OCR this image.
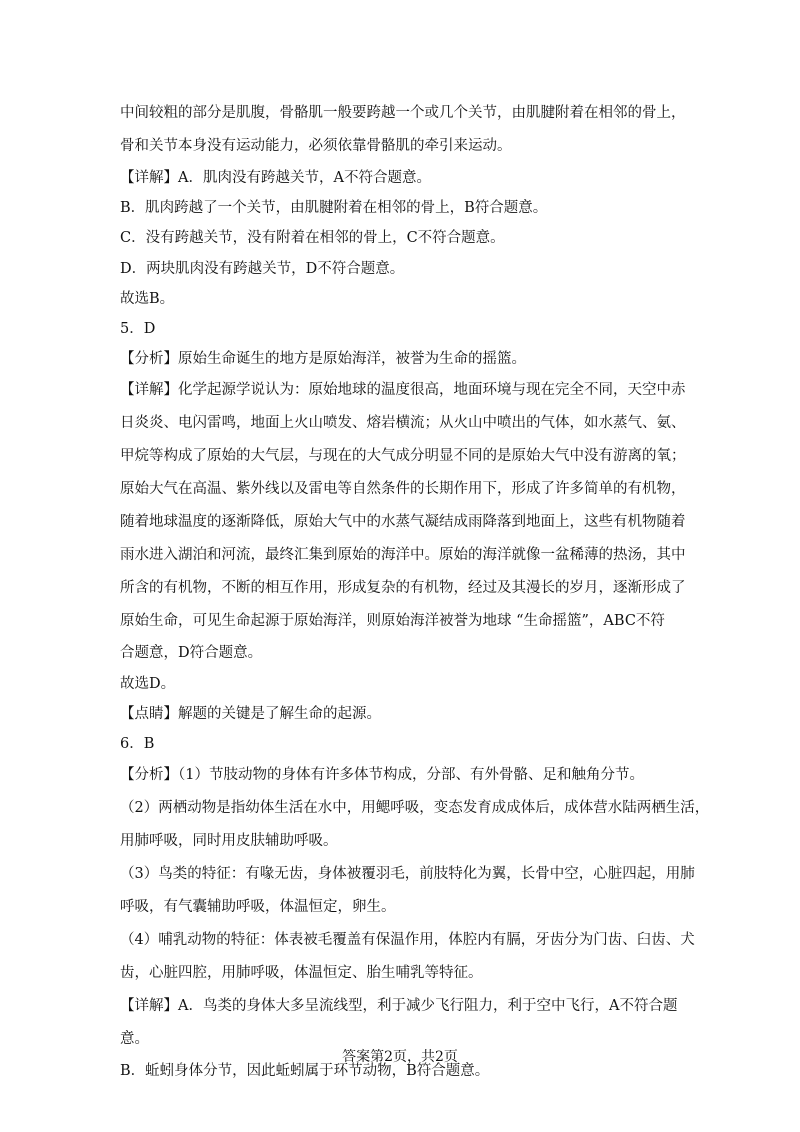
中间较粗的部分是肌腹，骨骼肌一般要跨越一个或几个关节，由肌腱附着在相邻的骨上，
骨和关节本身没有运动能力，必须依靠骨骼肌的牵引来运动。
【详解】A．肌肉没有跨越关节，A不符合题意。
B．肌肉跨越了一个关节，由肌腱附着在相邻的骨上，B符合题意。
C．没有跨越关节，没有附着在相邻的骨上，C不符合题意。
D．两块肌肉没有跨越关节，D不符合题意。
故选B。
5．D
【分析】原始生命诞生的地方是原始海洋，被誉为生命的摇篮。
【详解】化学起源学说认为：原始地球的温度很高，地面环境与现在完全不同，天空中赤
日炎炎、电闪雷鸣，地面上火山喷发、熔岩横流；从火山中喷出的气体，如水蒸气、氨、
甲烷等构成了原始的大气层，与现在的大气成分明显不同的是原始大气中没有游离的氧；
原始大气在高温、紫外线以及雷电等自然条件的长期作用下，形成了许多简单的有机物，
随着地球温度的逐渐降低，原始大气中的水蒸气凝结成雨降落到地面上，这些有机物随着
雨水进入湖泊和河流，最终汇集到原始的海洋中。原始的海洋就像一盆稀薄的热汤，其中
所含的有机物，不断的相互作用，形成复杂的有机物，经过及其漫长的岁月，逐渐形成了
原始生命，可见生命起源于原始海洋，则原始海洋被誉为地球 “生命摇篮”，ABC不符
合题意，D符合题意。
故选D。
【点睛】解题的关键是了解生命的起源。
6．B
【分析】（1）节肢动物的身体有许多体节构成，分部、有外骨骼、足和触角分节。
（2）两栖动物是指幼体生活在水中，用鳃呼吸，变态发育成成体后，成体营水陆两栖生活，
用肺呼吸，同时用皮肤辅助呼吸。
（3）鸟类的特征：有喙无齿，身体被覆羽毛，前肢特化为翼，长骨中空，心脏四起，用肺
呼吸，有气囊辅助呼吸，体温恒定，卵生。
（4）哺乳动物的特征：体表被毛覆盖有保温作用，体腔内有膈，牙齿分为门齿、臼齿、犬
齿，心脏四腔，用肺呼吸，体温恒定、胎生哺乳等特征。
【详解】A．鸟类的身体大多呈流线型，利于减少飞行阻力，利于空中飞行，A不符合题
意。
B．蚯蚓身体分节，因此蚯蚓属于环节动物，B符合题意。
答案第2页，共2页
